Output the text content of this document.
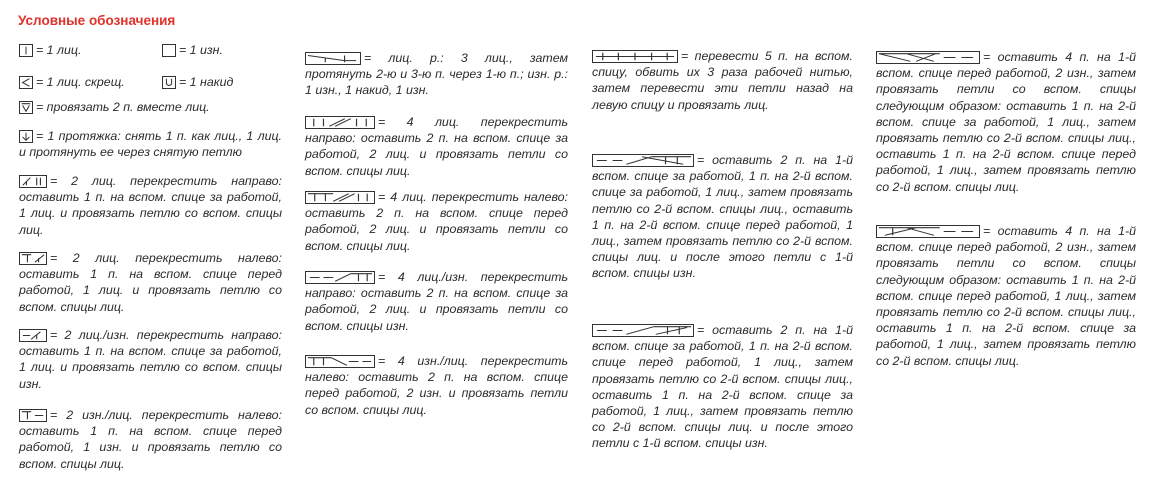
Условные обозначения
= 1 лиц.	= 1 изн.
= 1 лиц. скрещ.	= 1 накид
= провязать 2 п. вместе лиц.
= 1 протяжка: снять 1 п. как лиц., 1 лиц. и протянуть ее через снятую петлю
= 2 лиц. перекрестить направо: оставить 1 п. на вспом. спице за работой, 1 лиц. и провязать петлю со вспом. спицы лиц.
= 2 лиц. перекрестить налево: оставить 1 п. на вспом. спице перед работой, 1 лиц. и провязать петлю со вспом. спицы лиц.
= 2 лиц./изн. перекрестить направо: оставить 1 п. на вспом. спице за работой, 1 лиц. и провязать петлю со вспом. спицы изн.
= 2 изн./лиц. перекрестить налево: оставить 1 п. на вспом. спице перед работой, 1 изн. и провязать петлю со вспом. спицы лиц.
= лиц. р.: 3 лиц., затем протянуть 2-ю и 3-ю п. через 1-ю п.; изн. р.: 1 изн., 1 накид, 1 изн.
= 4 лиц. перекрестить направо: оставить 2 п. на вспом. спице за работой, 2 лиц. и провязать петли со вспом. спицы лиц.
= 4 лиц. перекрестить налево: оставить 2 п. на вспом. спице перед работой, 2 лиц. и провязать петли со вспом. спицы лиц.
= 4 лиц./изн. перекрестить направо: оставить 2 п. на вспом. спице за работой, 2 лиц. и провязать петли со вспом. спицы изн.
= 4 изн./лиц. перекрестить налево: оставить 2 п. на вспом. спице перед работой, 2 изн. и провязать петли со вспом. спицы лиц.
= перевести 5 п. на вспом. спицу, обвить их 3 раза рабочей нитью, затем перевести эти петли назад на левую спицу и провязать лиц.
= оставить 2 п. на 1-й вспом. спице за работой, 1 п. на 2-й вспом. спице за работой, 1 лиц., затем провязать петлю со 2-й вспом. спицы лиц., оставить 1 п. на 2-й вспом. спице перед работой, 1 лиц., затем провязать петлю со 2-й вспом. спицы лиц. и после этого петли с 1-й вспом. спицы изн.
= оставить 2 п. на 1-й вспом. спице за работой, 1 п. на 2-й вспом. спице перед работой, 1 лиц., затем провязать петлю со 2-й вспом. спицы лиц., оставить 1 п. на 2-й вспом. спице за работой, 1 лиц., затем провязать петлю со 2-й вспом. спицы лиц. и после этого петли с 1-й вспом. спицы изн.
= оставить 4 п. на 1-й вспом. спице перед работой, 2 изн., затем провязать петли со вспом. спицы следующим образом: оставить 1 п. на 2-й вспом. спице за работой, 1 лиц., затем провязать петлю со 2-й вспом. спицы лиц., оставить 1 п. на 2-й вспом. спице перед работой, 1 лиц., затем провязать петлю со 2-й вспом. спицы лиц.
= оставить 4 п. на 1-й вспом. спице перед работой, 2 изн., затем провязать петли со вспом. спицы следующим образом: оставить 1 п. на 2-й вспом. спице перед работой, 1 лиц., затем провязать петлю со 2-й вспом. спицы лиц., оставить 1 п. на 2-й вспом. спице за работой, 1 лиц., затем провязать петлю со 2-й вспом. спицы лиц.
